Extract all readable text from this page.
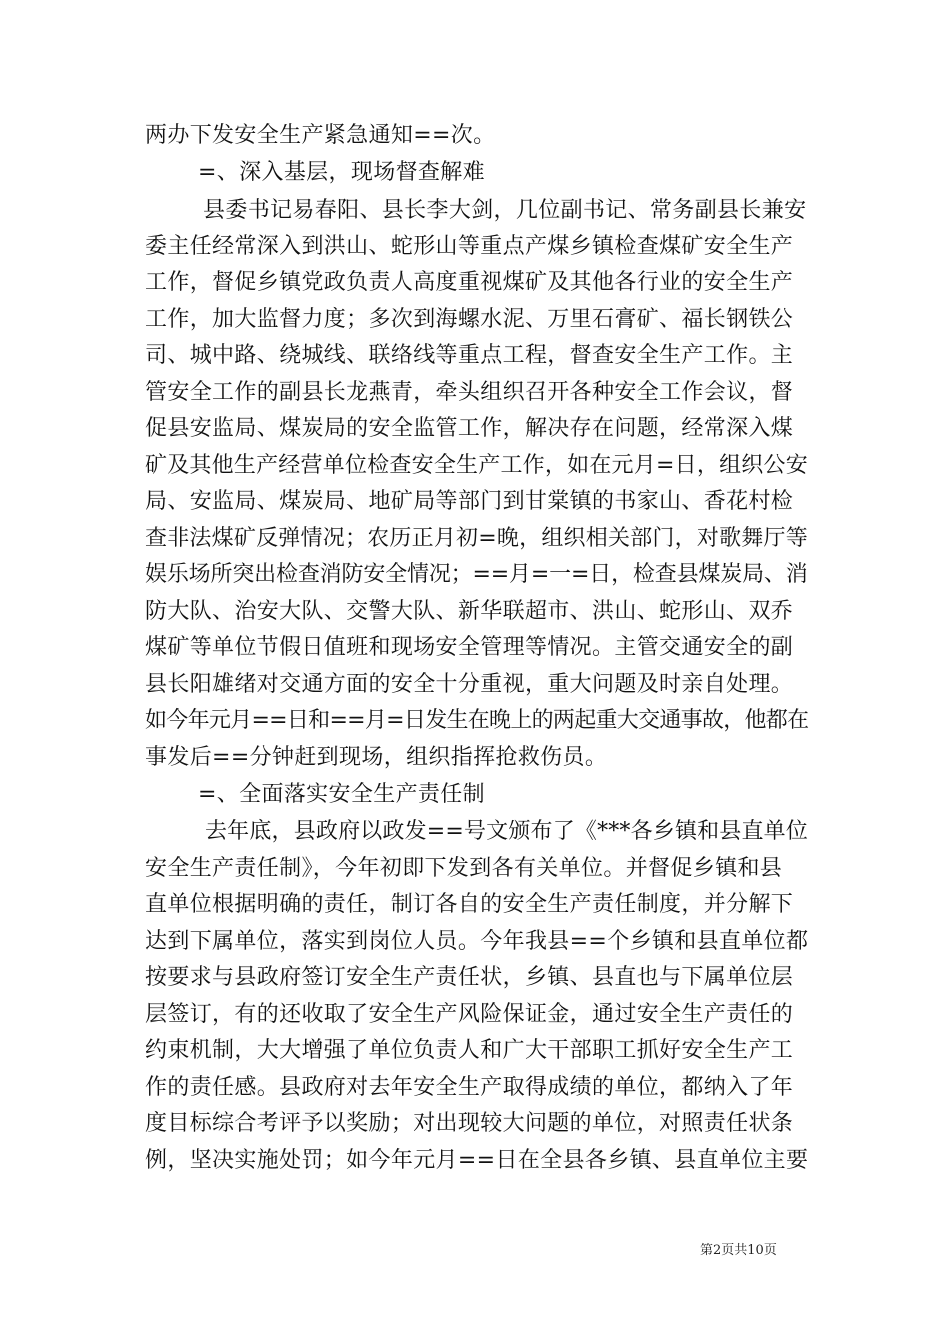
两办下发安全生产紧急通知==次。
=、深入基层，现场督查解难
县委书记易春阳、县长李大剑，几位副书记、常务副县长兼安
委主任经常深入到洪山、蛇形山等重点产煤乡镇检查煤矿安全生产
工作，督促乡镇党政负责人高度重视煤矿及其他各行业的安全生产
工作，加大监督力度；多次到海螺水泥、万里石膏矿、福长钢铁公
司、城中路、绕城线、联络线等重点工程，督查安全生产工作。主
管安全工作的副县长龙燕青，牵头组织召开各种安全工作会议，督
促县安监局、煤炭局的安全监管工作，解决存在问题，经常深入煤
矿及其他生产经营单位检查安全生产工作，如在元月=日，组织公安
局、安监局、煤炭局、地矿局等部门到甘棠镇的书家山、香花村检
查非法煤矿反弹情况；农历正月初=晚，组织相关部门，对歌舞厅等
娱乐场所突出检查消防安全情况；==月=一=日，检查县煤炭局、消
防大队、治安大队、交警大队、新华联超市、洪山、蛇形山、双乔
煤矿等单位节假日值班和现场安全管理等情况。主管交通安全的副
县长阳雄绪对交通方面的安全十分重视，重大问题及时亲自处理。
如今年元月==日和==月=日发生在晚上的两起重大交通事故，他都在
事发后==分钟赶到现场，组织指挥抢救伤员。
=、全面落实安全生产责任制
去年底，县政府以政发==号文颁布了《***各乡镇和县直单位
安全生产责任制》，今年初即下发到各有关单位。并督促乡镇和县
直单位根据明确的责任，制订各自的安全生产责任制度，并分解下
达到下属单位，落实到岗位人员。今年我县==个乡镇和县直单位都
按要求与县政府签订安全生产责任状，乡镇、县直也与下属单位层
层签订，有的还收取了安全生产风险保证金，通过安全生产责任的
约束机制，大大增强了单位负责人和广大干部职工抓好安全生产工
作的责任感。县政府对去年安全生产取得成绩的单位，都纳入了年
度目标综合考评予以奖励；对出现较大问题的单位，对照责任状条
例，坚决实施处罚；如今年元月==日在全县各乡镇、县直单位主要
第2页共10页
